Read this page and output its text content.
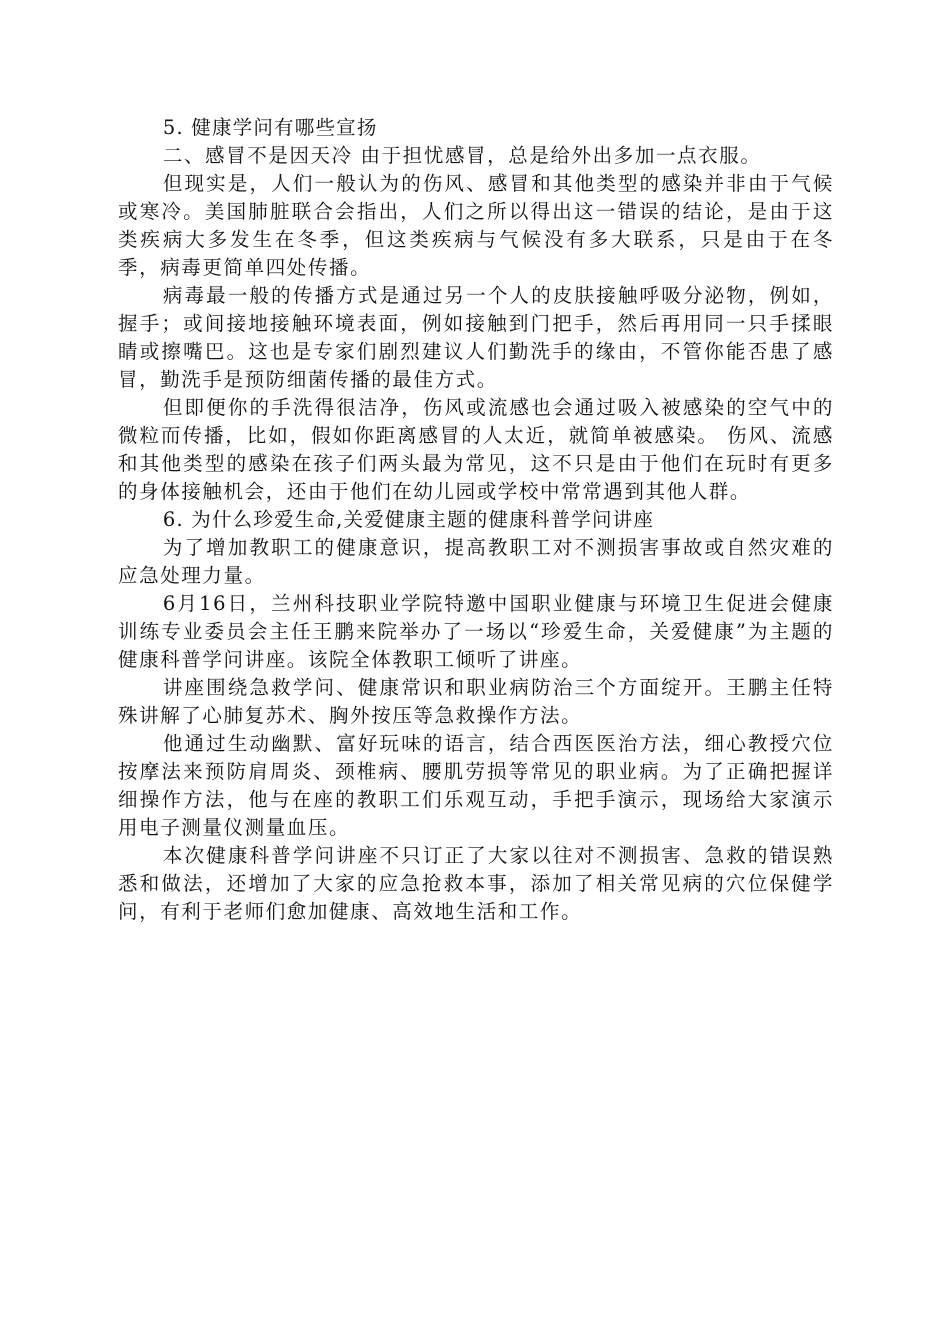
5. 健康学问有哪些宣扬

二、感冒不是因天冷 由于担忧感冒，总是给外出多加一点衣服。

但现实是，人们一般认为的伤风、感冒和其他类型的感染并非由于气候或寒冷。美国肺脏联合会指出，人们之所以得出这一错误的结论，是由于这类疾病大多发生在冬季，但这类疾病与气候没有多大联系，只是由于在冬季，病毒更简单四处传播。

病毒最一般的传播方式是通过另一个人的皮肤接触呼吸分泌物，例如，握手；或间接地接触环境表面，例如接触到门把手，然后再用同一只手揉眼睛或擦嘴巴。这也是专家们剧烈建议人们勤洗手的缘由，不管你能否患了感冒，勤洗手是预防细菌传播的最佳方式。

但即便你的手洗得很洁净，伤风或流感也会通过吸入被感染的空气中的微粒而传播，比如，假如你距离感冒的人太近，就简单被感染。 伤风、流感和其他类型的感染在孩子们两头最为常见，这不只是由于他们在玩时有更多的身体接触机会，还由于他们在幼儿园或学校中常常遇到其他人群。

6. 为什么珍爱生命,关爱健康主题的健康科普学问讲座

为了增加教职工的健康意识，提高教职工对不测损害事故或自然灾难的应急处理力量。

6月16日，兰州科技职业学院特邀中国职业健康与环境卫生促进会健康训练专业委员会主任王鹏来院举办了一场以“珍爱生命，关爱健康”为主题的健康科普学问讲座。该院全体教职工倾听了讲座。

讲座围绕急救学问、健康常识和职业病防治三个方面绽开。王鹏主任特殊讲解了心肺复苏术、胸外按压等急救操作方法。

他通过生动幽默、富好玩味的语言，结合西医医治方法，细心教授穴位按摩法来预防肩周炎、颈椎病、腰肌劳损等常见的职业病。为了正确把握详细操作方法，他与在座的教职工们乐观互动，手把手演示，现场给大家演示用电子测量仪测量血压。

本次健康科普学问讲座不只订正了大家以往对不测损害、急救的错误熟悉和做法，还增加了大家的应急抢救本事，添加了相关常见病的穴位保健学问，有利于老师们愈加健康、高效地生活和工作。
